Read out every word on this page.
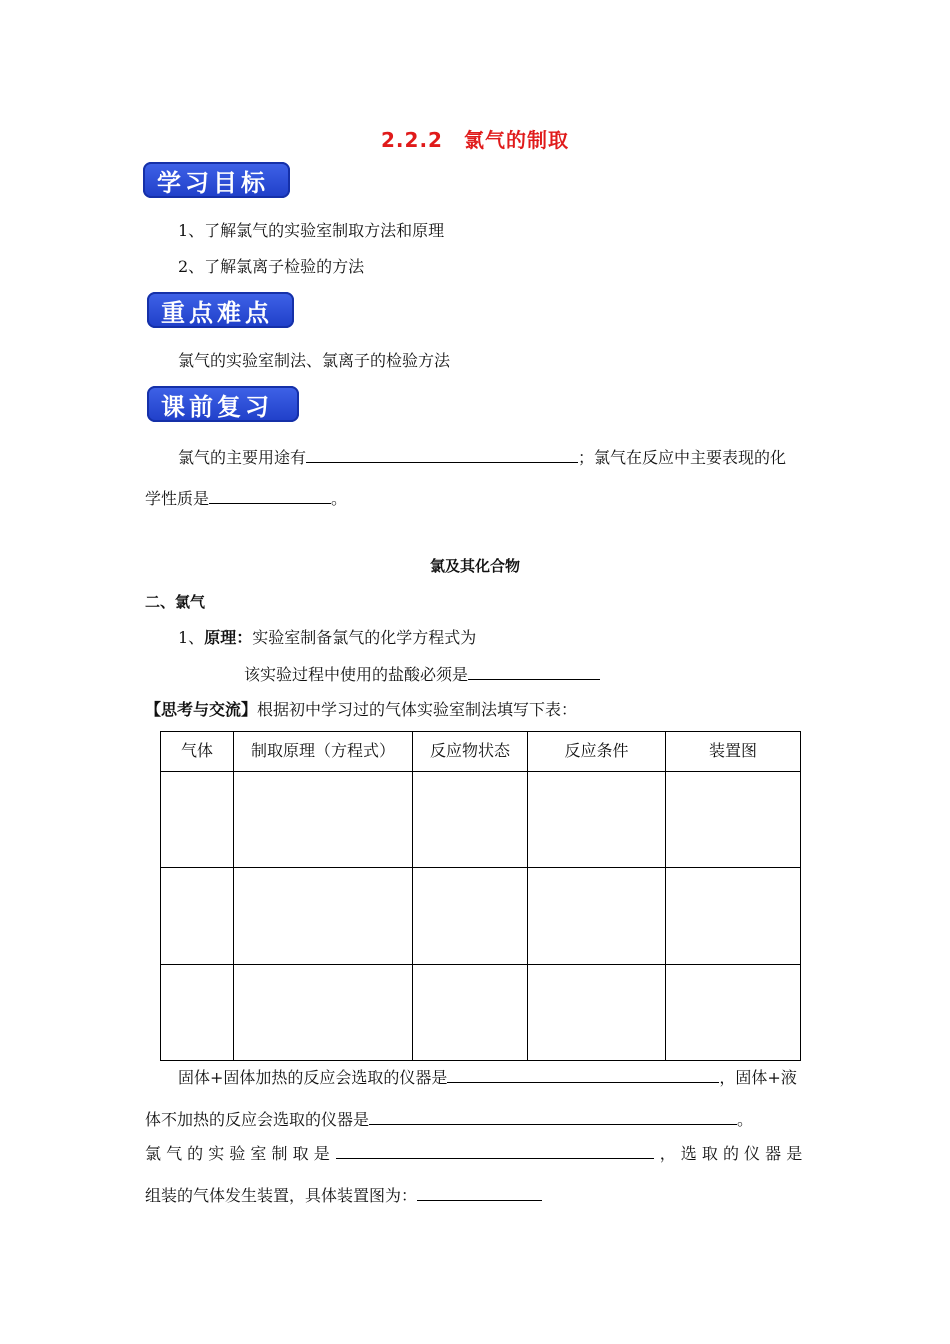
2.2.2　氯气的制取
学习目标
1、了解氯气的实验室制取方法和原理
2、了解氯离子检验的方法
重点难点
氯气的实验室制法、氯离子的检验方法
课前复习
氯气的主要用途有	；氯气在反应中主要表现的化
学性质是	。
氯及其化合物
二、氯气
1、原理：实验室制备氯气的化学方程式为
该实验过程中使用的盐酸必须是
【思考与交流】根据初中学习过的气体实验室制法填写下表：
气体	制取原理（方程式）	反应物状态	反应条件	装置图

固体+固体加热的反应会选取的仪器是	，固体+液
体不加热的反应会选取的仪器是	。
氯 气 的 实 验 室 制 取 是	， 选 取 的 仪 器 是
组装的气体发生装置，具体装置图为：
